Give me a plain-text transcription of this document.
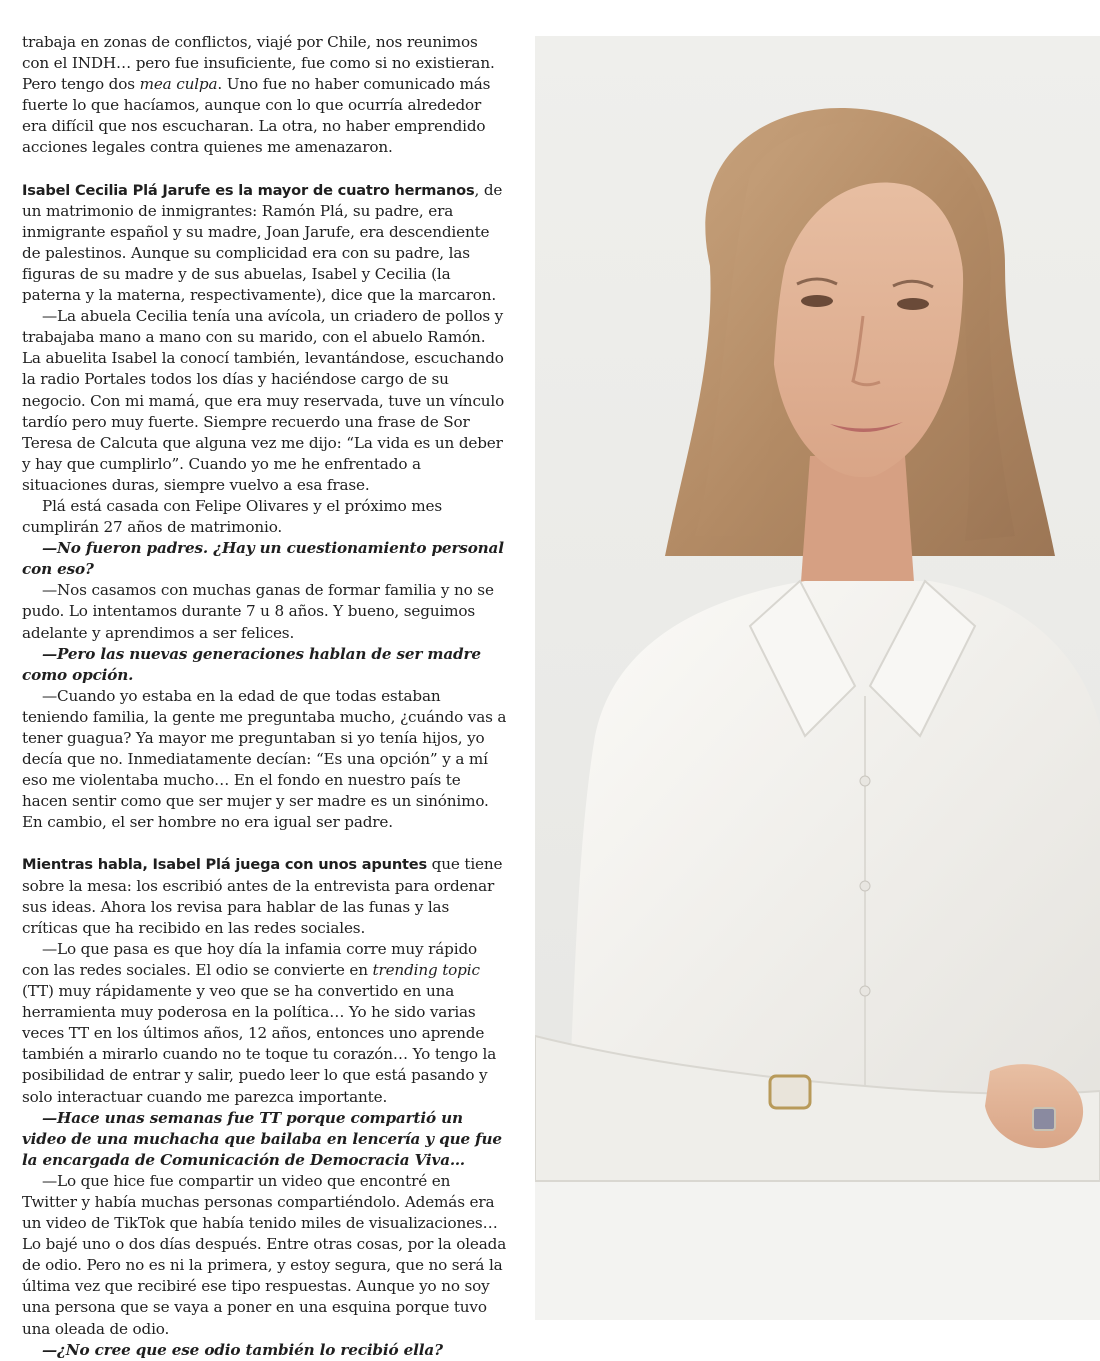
trabaja en zonas de conflictos, viajé por Chile, nos reunimos con el INDH… pero fue insuficiente, fue como si no existieran. Pero tengo dos mea culpa. Uno fue no haber comunicado más fuerte lo que hacíamos, aunque con lo que ocurría alrededor era difícil que nos escucharan. La otra, no haber emprendido acciones legales contra quienes me amenazaron.

Isabel Cecilia Plá Jarufe es la mayor de cuatro hermanos, de un matrimonio de inmigrantes: Ramón Plá, su padre, era inmigrante español y su madre, Joan Jarufe, era descendiente de palestinos. Aunque su complicidad era con su padre, las figuras de su madre y de sus abuelas, Isabel y Cecilia (la paterna y la materna, respectivamente), dice que la marcaron.

—La abuela Cecilia tenía una avícola, un criadero de pollos y trabajaba mano a mano con su marido, con el abuelo Ramón. La abuelita Isabel la conocí también, levantándose, escuchando la radio Portales todos los días y haciéndose cargo de su negocio. Con mi mamá, que era muy reservada, tuve un vínculo tardío pero muy fuerte. Siempre recuerdo una frase de Sor Teresa de Calcuta que alguna vez me dijo: “La vida es un deber y hay que cumplirlo”. Cuando yo me he enfrentado a situaciones duras, siempre vuelvo a esa frase.

Plá está casada con Felipe Olivares y el próximo mes cumplirán 27 años de matrimonio.

—No fueron padres. ¿Hay un cuestionamiento personal con eso?

—Nos casamos con muchas ganas de formar familia y no se pudo. Lo intentamos durante 7 u 8 años. Y bueno, seguimos adelante y aprendimos a ser felices.

—Pero las nuevas generaciones hablan de ser madre como opción.

—Cuando yo estaba en la edad de que todas estaban teniendo familia, la gente me preguntaba mucho, ¿cuándo vas a tener guagua? Ya mayor me preguntaban si yo tenía hijos, yo decía que no. Inmediatamente decían: “Es una opción” y a mí eso me violentaba mucho… En el fondo en nuestro país te hacen sentir como que ser mujer y ser madre es un sinónimo. En cambio, el ser hombre no era igual ser padre.

Mientras habla, Isabel Plá juega con unos apuntes que tiene sobre la mesa: los escribió antes de la entrevista para ordenar sus ideas. Ahora los revisa para hablar de las funas y las críticas que ha recibido en las redes sociales.

—Lo que pasa es que hoy día la infamia corre muy rápido con las redes sociales. El odio se convierte en trending topic (TT) muy rápidamente y veo que se ha convertido en una herramienta muy poderosa en la política… Yo he sido varias veces TT en los últimos años, 12 años, entonces uno aprende también a mirarlo cuando no te toque tu corazón… Yo tengo la posibilidad de entrar y salir, puedo leer lo que está pasando y solo interactuar cuando me parezca importante.

—Hace unas semanas fue TT porque compartió un video de una muchacha que bailaba en lencería y que fue la encargada de Comunicación de Democracia Viva…

—Lo que hice fue compartir un video que encontré en Twitter y había muchas personas compartiéndolo. Además era un video de TikTok que había tenido miles de visualizaciones… Lo bajé uno o dos días después. Entre otras cosas, por la oleada de odio. Pero no es ni la primera, y estoy segura, que no será la última vez que recibiré ese tipo respuestas. Aunque yo no soy una persona que se vaya a poner en una esquina porque tuvo una oleada de odio.

—¿No cree que ese odio también lo recibió ella?
